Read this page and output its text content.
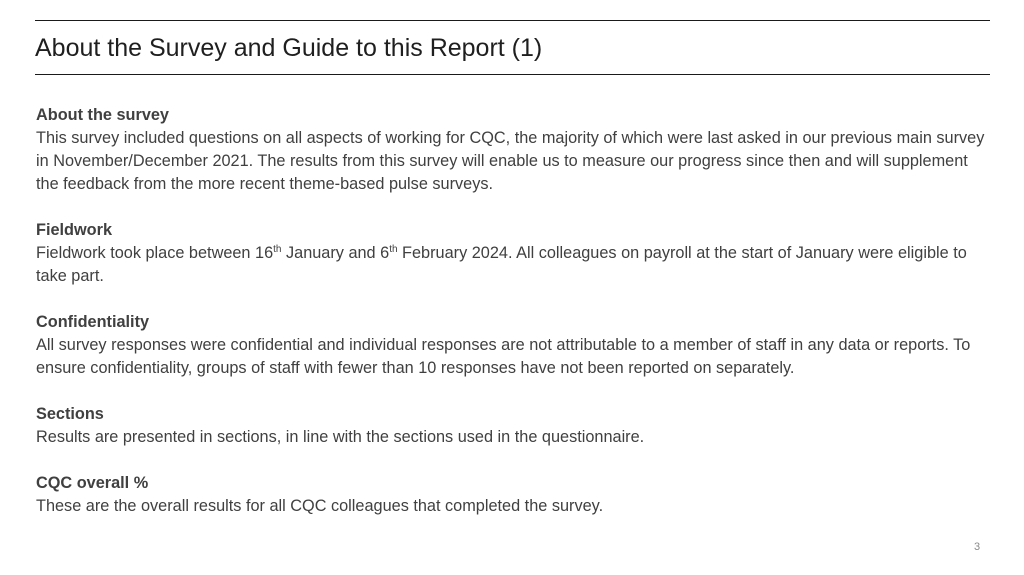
About the Survey and Guide to this Report (1)
About the survey
This survey included questions on all aspects of working for CQC, the majority of which were last asked in our previous main survey in November/December 2021. The results from this survey will enable us to measure our progress since then and will supplement the feedback from the more recent theme-based pulse surveys.
Fieldwork
Fieldwork took place between 16th January and 6th February 2024. All colleagues on payroll at the start of January were eligible to take part.
Confidentiality
All survey responses were confidential and individual responses are not attributable to a member of staff in any data or reports. To ensure confidentiality, groups of staff with fewer than 10 responses have not been reported on separately.
Sections
Results are presented in sections, in line with the sections used in the questionnaire.
CQC overall %
These are the overall results for all CQC colleagues that completed the survey.
3
